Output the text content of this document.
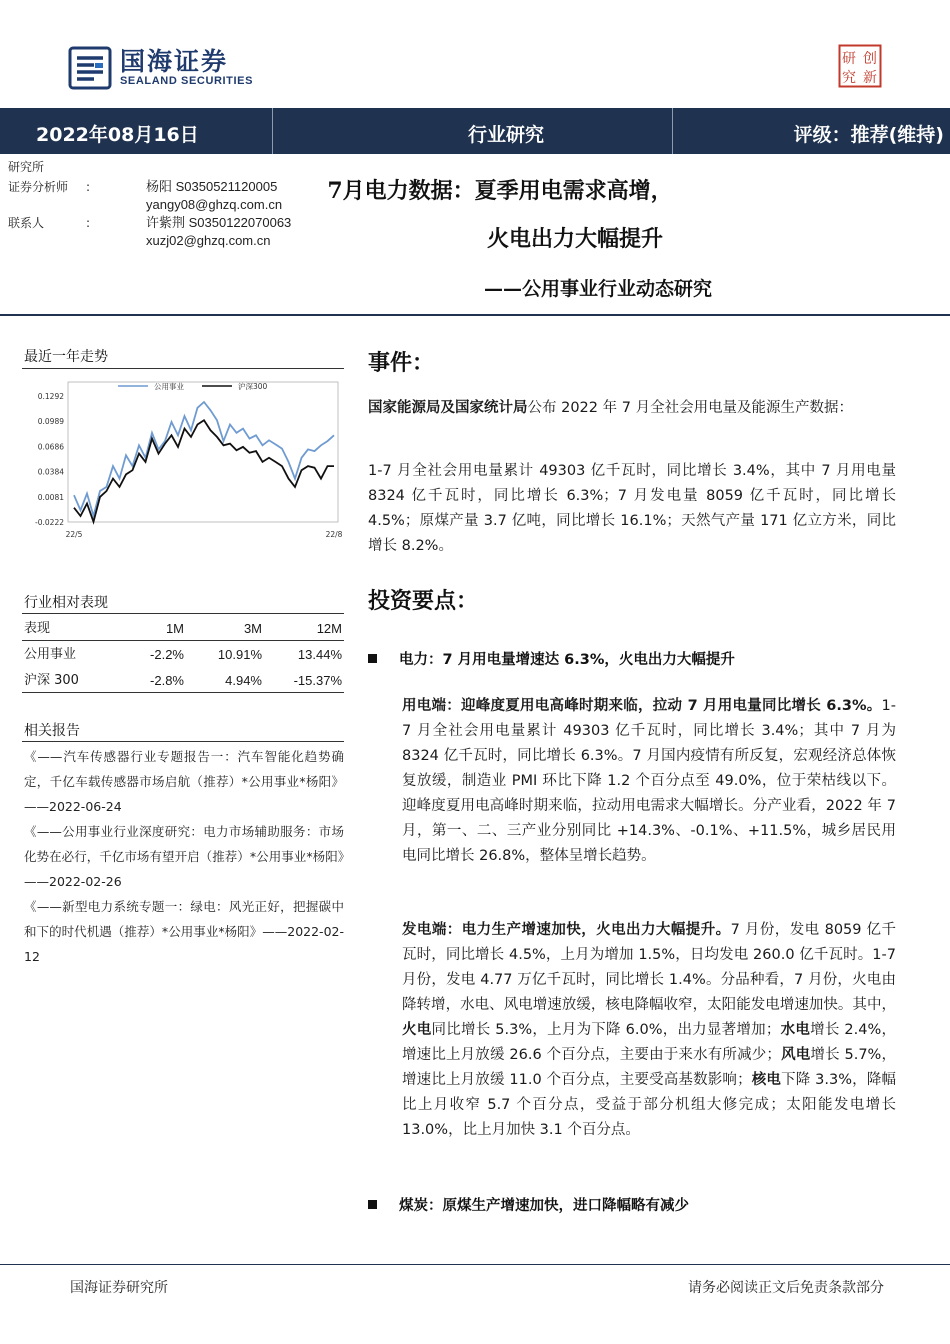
国海证券
SEALAND SECURITIES
研 创
究 新
2022年08月16日	行业研究	评级：推荐(维持)
研究所
证券分析师 :	杨阳 S0350521120005
yangy08@ghzq.com.cn
联系人	:	许紫荆 S0350122070063
xuzj02@ghzq.com.cn
7月电力数据：夏季用电需求高增，
火电出力大幅提升
——公用事业行业动态研究
最近一年走势
公用事业	沪深300
0.1292
0.0989
0.0686
0.0384
0.0081
-0.0222
22/5	22/8
行业相对表现
表现	1M	3M	12M
公用事业	-2.2%	10.91%	13.44%
沪深 300	-2.8%	4.94% -15.37%
相关报告

《——汽车传感器行业专题报告一：汽车智能化趋势确定，千亿车载传感器市场启航（推荐）*公用事业*杨阳》——2022-06-24

《——公用事业行业深度研究：电力市场辅助服务：市场化势在必行，千亿市场有望开启（推荐）*公用事业*杨阳》——2022-02-26

《——新型电力系统专题一：绿电：风光正好，把握碳中和下的时代机遇（推荐）*公用事业*杨阳》——2022-02-12

事件：
国家能源局及国家统计局公布 2022 年 7 月全社会用电量及能源生产数据：
1-7 月全社会用电量累计 49303 亿千瓦时，同比增长 3.4%，其中 7 月用电量 8324 亿千瓦时，同比增长 6.3%；7 月发电量 8059 亿千瓦时，同比增长 4.5%；原煤产量 3.7 亿吨，同比增长 16.1%；天然气产量 171 亿立方米，同比增长 8.2%。
投资要点：
电力：7 月用电量增速达 6.3%，火电出力大幅提升
用电端：迎峰度夏用电高峰时期来临，拉动 7 月用电量同比增长 6.3%。1-7 月全社会用电量累计 49303 亿千瓦时，同比增长 3.4%；其中 7 月为 8324 亿千瓦时，同比增长 6.3%。7 月国内疫情有所反复，宏观经济总体恢复放缓，制造业 PMI 环比下降 1.2 个百分点至 49.0%，位于荣枯线以下。迎峰度夏用电高峰时期来临，拉动用电需求大幅增长。分产业看，2022 年 7 月，第一、二、三产业分别同比 +14.3%、-0.1%、+11.5%，城乡居民用电同比增长 26.8%，整体呈增长趋势。
发电端：电力生产增速加快，火电出力大幅提升。7 月份，发电 8059 亿千瓦时，同比增长 4.5%，上月为增加 1.5%，日均发电 260.0 亿千瓦时。1-7 月份，发电 4.77 万亿千瓦时，同比增长 1.4%。分品种看，7 月份，火电由降转增，水电、风电增速放缓，核电降幅收窄，太阳能发电增速加快。其中，火电同比增长 5.3%，上月为下降 6.0%，出力显著增加；水电增长 2.4%，增速比上月放缓 26.6 个百分点，主要由于来水有所减少；风电增长 5.7%，增速比上月放缓 11.0 个百分点，主要受高基数影响；核电下降 3.3%，降幅比上月收窄 5.7 个百分点，受益于部分机组大修完成；太阳能发电增长 13.0%，比上月加快 3.1 个百分点。
煤炭：原煤生产增速加快，进口降幅略有减少
国海证券研究所	请务必阅读正文后免责条款部分
